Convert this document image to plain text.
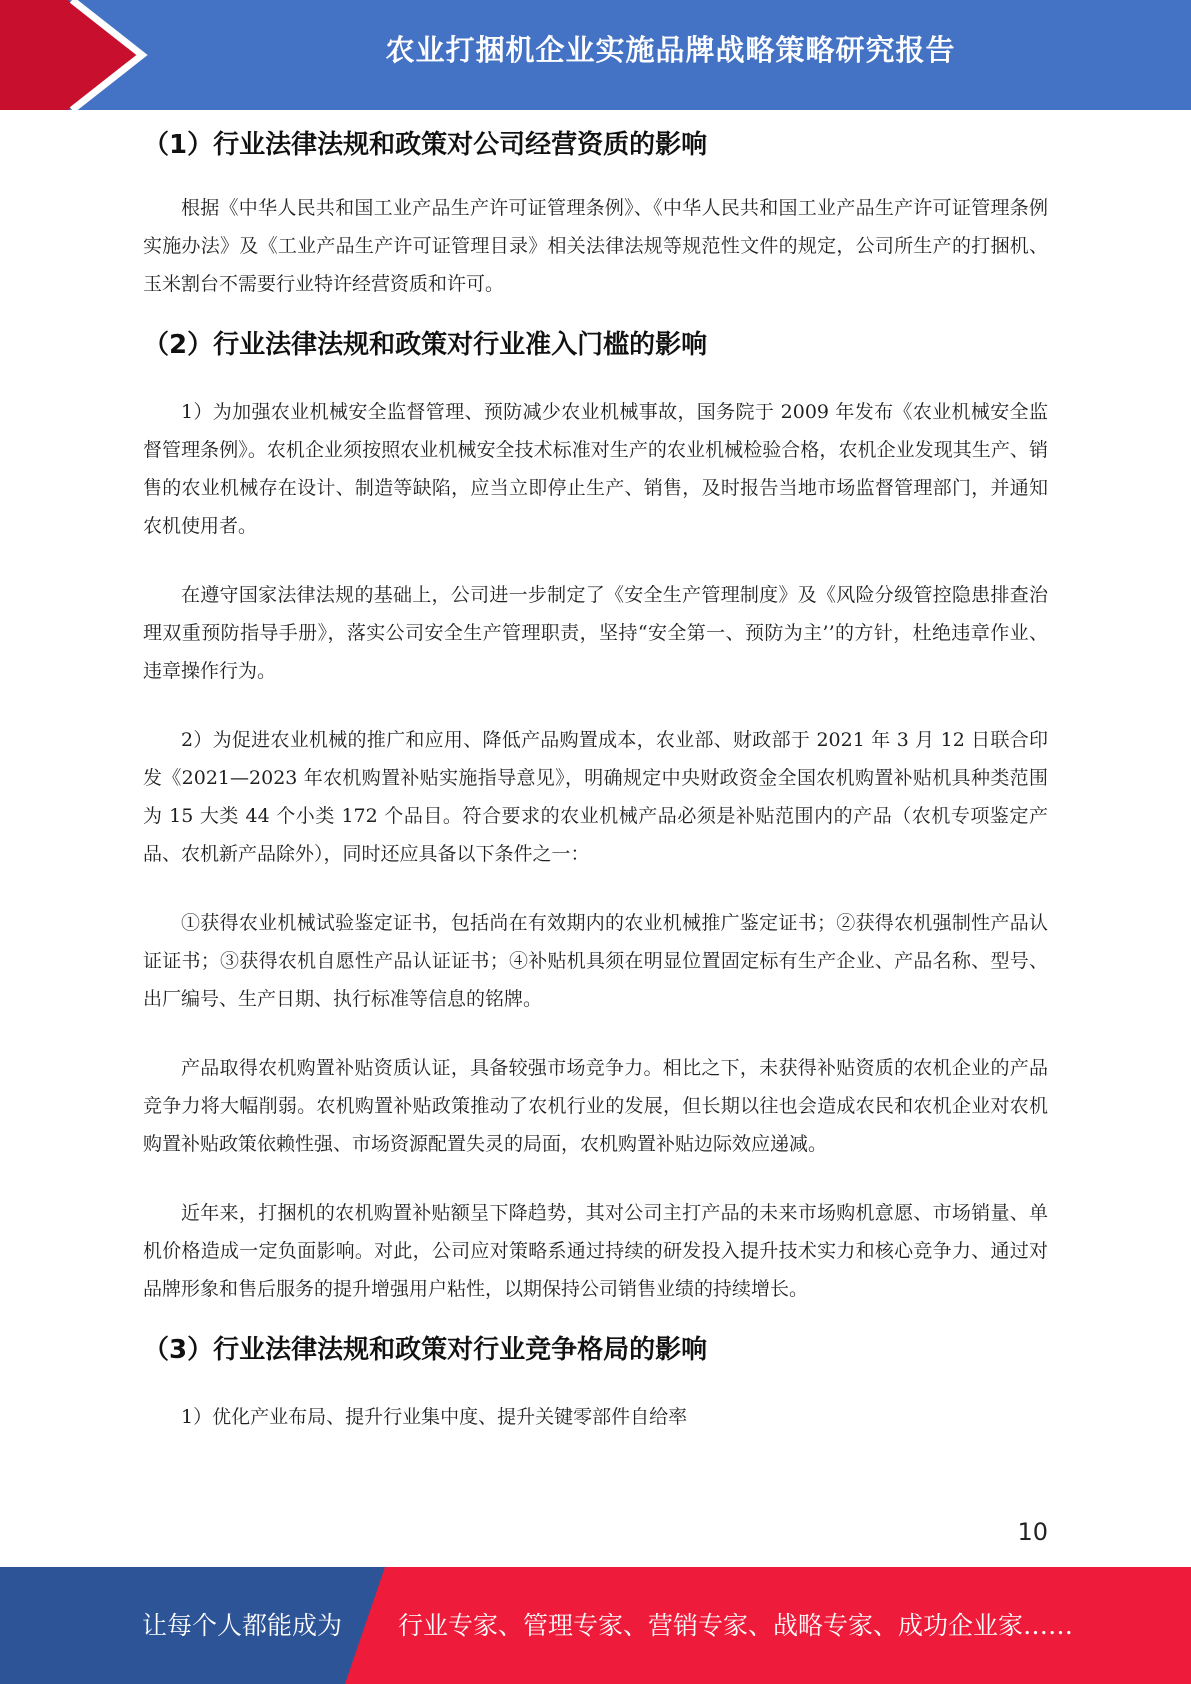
农业打捆机企业实施品牌战略策略研究报告
（1）行业法律法规和政策对公司经营资质的影响

根据《中华人民共和国工业产品生产许可证管理条例》、《中华人民共和国工业产品生产许可证管理条例实施办法》及《工业产品生产许可证管理目录》相关法律法规等规范性文件的规定，公司所生产的打捆机、玉米割台不需要行业特许经营资质和许可。

（2）行业法律法规和政策对行业准入门槛的影响

1）为加强农业机械安全监督管理、预防减少农业机械事故，国务院于 2009 年发布《农业机械安全监督管理条例》。农机企业须按照农业机械安全技术标准对生产的农业机械检验合格，农机企业发现其生产、销售的农业机械存在设计、制造等缺陷，应当立即停止生产、销售，及时报告当地市场监督管理部门，并通知农机使用者。

在遵守国家法律法规的基础上，公司进一步制定了《安全生产管理制度》及《风险分级管控隐患排查治理双重预防指导手册》，落实公司安全生产管理职责，坚持“安全第一、预防为主’’的方针，杜绝违章作业、违章操作行为。

2）为促进农业机械的推广和应用、降低产品购置成本，农业部、财政部于 2021 年 3 月 12 日联合印发《2021—2023 年农机购置补贴实施指导意见》，明确规定中央财政资金全国农机购置补贴机具种类范围为 15 大类 44 个小类 172 个品目。符合要求的农业机械产品必须是补贴范围内的产品（农机专项鉴定产品、农机新产品除外），同时还应具备以下条件之一：

①获得农业机械试验鉴定证书，包括尚在有效期内的农业机械推广鉴定证书；②获得农机强制性产品认证证书；③获得农机自愿性产品认证证书；④补贴机具须在明显位置固定标有生产企业、产品名称、型号、出厂编号、生产日期、执行标准等信息的铭牌。

产品取得农机购置补贴资质认证，具备较强市场竞争力。相比之下，未获得补贴资质的农机企业的产品竞争力将大幅削弱。农机购置补贴政策推动了农机行业的发展，但长期以往也会造成农民和农机企业对农机购置补贴政策依赖性强、市场资源配置失灵的局面，农机购置补贴边际效应递减。

近年来，打捆机的农机购置补贴额呈下降趋势，其对公司主打产品的未来市场购机意愿、市场销量、单机价格造成一定负面影响。对此，公司应对策略系通过持续的研发投入提升技术实力和核心竞争力、通过对品牌形象和售后服务的提升增强用户粘性，以期保持公司销售业绩的持续增长。

（3）行业法律法规和政策对行业竞争格局的影响

1）优化产业布局、提升行业集中度、提升关键零部件自给率

10
让每个人都能成为 行业专家、管理专家、营销专家、战略专家、成功企业家……
